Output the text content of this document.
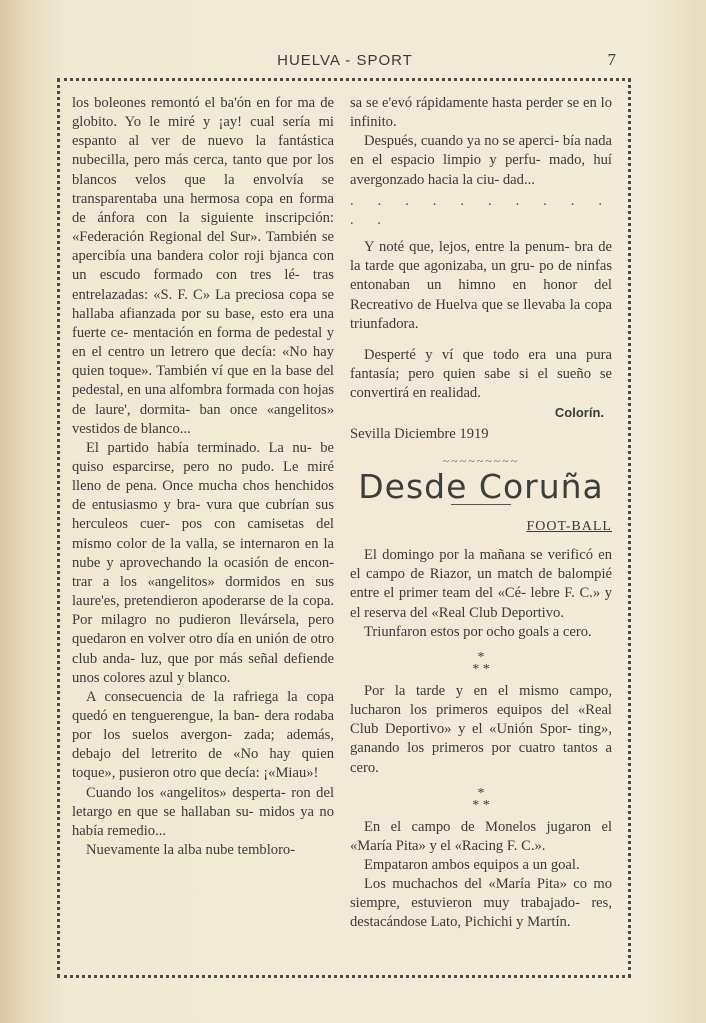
HUELVA - SPORT	7

los boleones remontó el ba'ón en for ma de globito. Yo le miré y ¡ay! cual sería mi espanto al ver de nuevo la fantástica nubecilla, pero más cerca, tanto que por los blancos velos que la envolvía se transparentaba una hermosa copa en forma de ánfora con la siguiente inscripción: «Federación Regional del Sur». También se apercibía una bandera color roji bjanca con un escudo formado con tres lé- tras entrelazadas: «S. F. C» La preciosa copa se hallaba afianzada por su base, esto era una fuerte ce- mentación en forma de pedestal y en el centro un letrero que decía: «No hay quien toque». También ví que en la base del pedestal, en una alfombra formada con hojas de laure', dormita- ban once «angelitos» vestidos de blanco...

El partido había terminado. La nu- be quiso esparcirse, pero no pudo. Le miré lleno de pena. Once mucha chos henchidos de entusiasmo y bra- vura que cubrían sus herculeos cuer- pos con camisetas del mismo color de la valla, se internaron en la nube y aprovechando la ocasión de encon- trar a los «angelitos» dormidos en sus laure'es, pretendieron apoderarse de la copa. Por milagro no pudieron llevársela, pero quedaron en volver otro día en unión de otro club anda- luz, que por más señal defiende unos colores azul y blanco.

A consecuencia de la rafriega la copa quedó en tenguerengue, la ban- dera rodaba por los suelos avergon- zada; además, debajo del letrerito de «No hay quien toque», pusieron otro que decía: ¡«Miau»!

Cuando los «angelitos» desperta- ron del letargo en que se hallaban su- midos ya no había remedio...

Nuevamente la alba nube tembloro-

sa se e'evó rápidamente hasta perder se en lo infinito.

Después, cuando ya no se aperci- bía nada en el espacio limpio y perfu- mado, huí avergonzado hacia la ciu- dad...

. . . . . . . . . . . .

Y noté que, lejos, entre la penum- bra de la tarde que agonizaba, un gru- po de ninfas entonaban un himno en honor del Recreativo de Huelva que se llevaba la copa triunfadora.

Desperté y ví que todo era una pura fantasía; pero quien sabe si el sueño se convertirá en realidad.

Colorín.
Sevilla Diciembre 1919
~~~~~~~~~
Desde Coruña
FOOT-BALL

El domingo por la mañana se verificó en el campo de Riazor, un match de balompié entre el primer team del «Cé- lebre F. C.» y el reserva del «Real Club Deportivo.

Triunfaron estos por ocho goals a cero.

*
* *

Por la tarde y en el mismo campo, lucharon los primeros equipos del «Real Club Deportivo» y el «Unión Spor- ting», ganando los primeros por cuatro tantos a cero.

*
* *

En el campo de Monelos jugaron el «María Pita» y el «Racing F. C.».

Empataron ambos equipos a un goal.

Los muchachos del «María Pita» co mo siempre, estuvieron muy trabajado- res, destacándose Lato, Pichichi y Martín.
